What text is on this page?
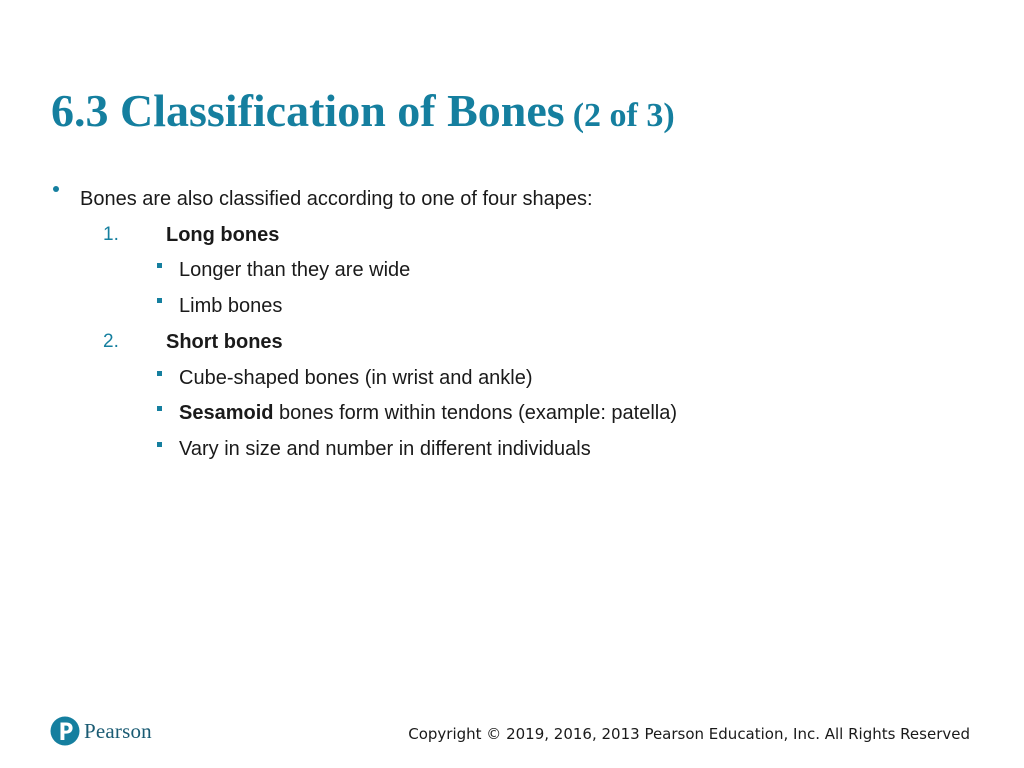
6.3 Classification of Bones (2 of 3)
Bones are also classified according to one of four shapes:
1. Long bones
Longer than they are wide
Limb bones
2. Short bones
Cube-shaped bones (in wrist and ankle)
Sesamoid bones form within tendons (example: patella)
Vary in size and number in different individuals
Pearson	Copyright © 2019, 2016, 2013 Pearson Education, Inc. All Rights Reserved
